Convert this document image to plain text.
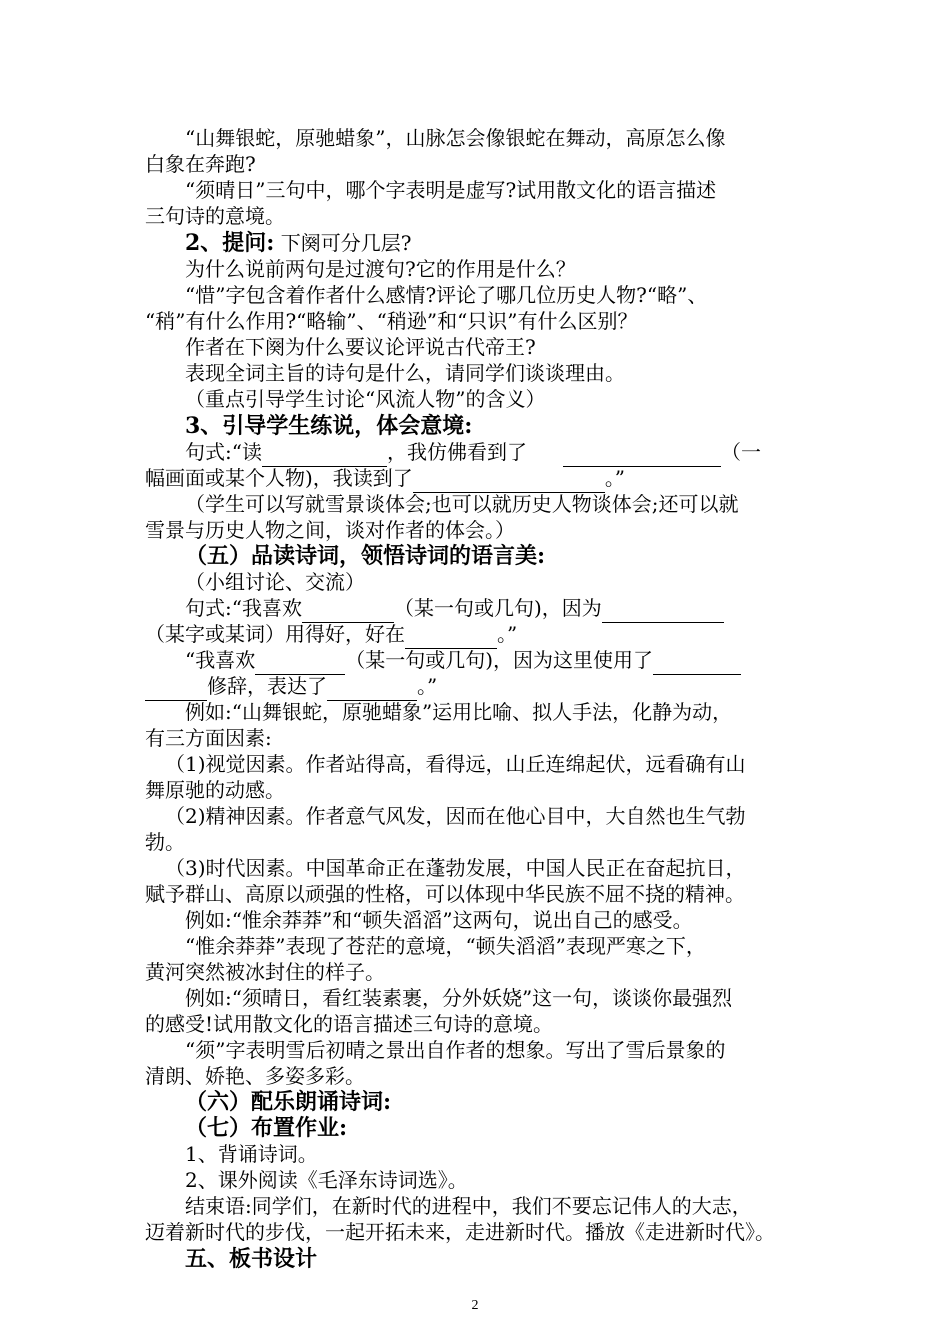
“山舞银蛇，原驰蜡象”，山脉怎会像银蛇在舞动，高原怎么像
白象在奔跑?
“须晴日”三句中，哪个字表明是虚写?试用散文化的语言描述
三句诗的意境。
2、提问: 下阕可分几层?
为什么说前两句是过渡句?它的作用是什么？
“惜”字包含着作者什么感情?评论了哪几位历史人物?“略”、
“稍”有什么作用?“略输”、“稍逊”和“只识”有什么区别？
作者在下阕为什么要议论评说古代帝王?
表现全词主旨的诗句是什么，请同学们谈谈理由。
（重点引导学生讨论“风流人物”的含义）
3、引导学生练说，体会意境:
句式:“读	，我仿佛看到了	（一
幅画面或某个人物)，我读到了	。”
（学生可以写就雪景谈体会;也可以就历史人物谈体会;还可以就
雪景与历史人物之间，谈对作者的体会。）
（五）品读诗词，领悟诗词的语言美:
（小组讨论、交流）
句式:“我喜欢	（某一句或几句)，因为
（某字或某词）用得好，好在	。”
“我喜欢	（某一句或几句)，因为这里使用了
修辞，表达了	。”
例如:“山舞银蛇，原驰蜡象”运用比喻、拟人手法，化静为动，
有三方面因素:
（1)视觉因素。作者站得高，看得远，山丘连绵起伏，远看确有山
舞原驰的动感。
（2)精神因素。作者意气风发，因而在他心目中，大自然也生气勃
勃。
（3)时代因素。中国革命正在蓬勃发展，中国人民正在奋起抗日，
赋予群山、高原以顽强的性格，可以体现中华民族不屈不挠的精神。
例如:“惟余莽莽”和“顿失滔滔”这两句，说出自己的感受。
“惟余莽莽”表现了苍茫的意境，“顿失滔滔”表现严寒之下，
黄河突然被冰封住的样子。
例如:“须晴日，看红装素裹，分外妖娆”这一句，谈谈你最强烈
的感受!试用散文化的语言描述三句诗的意境。
“须”字表明雪后初晴之景出自作者的想象。写出了雪后景象的
清朗、娇艳、多姿多彩。
（六）配乐朗诵诗词:
（七）布置作业:
1、背诵诗词。
2、课外阅读《毛泽东诗词选》。
结束语:同学们，在新时代的进程中，我们不要忘记伟人的大志，
迈着新时代的步伐，一起开拓未来，走进新时代。播放《走进新时代》。
五、板书设计
2
